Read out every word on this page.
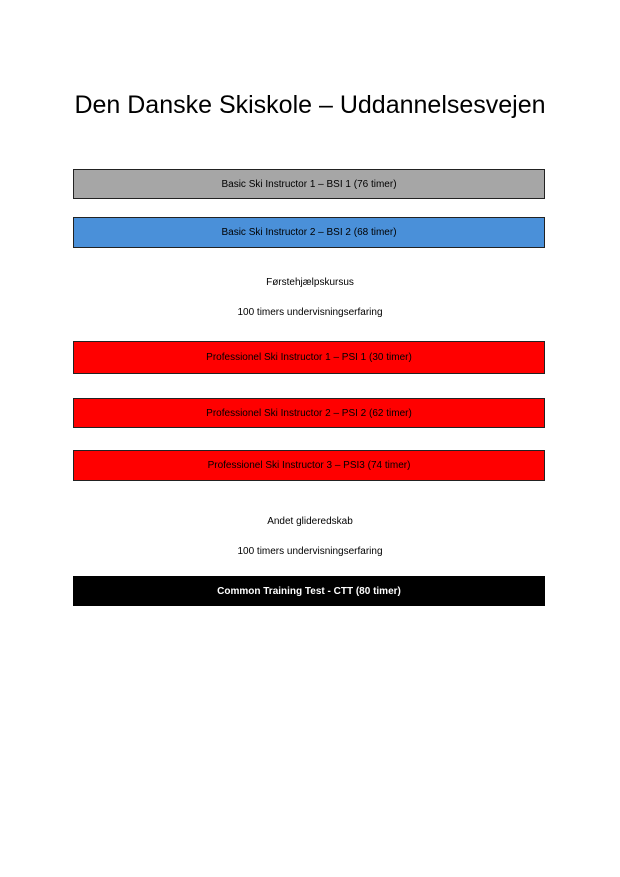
Den Danske Skiskole – Uddannelsesvejen
Basic Ski Instructor 1 – BSI 1 (76 timer)
Basic Ski Instructor 2 – BSI 2 (68 timer)
Førstehjælpskursus
100 timers undervisningserfaring
Professionel Ski Instructor 1 – PSI 1 (30 timer)
Professionel Ski Instructor 2 – PSI 2 (62 timer)
Professionel Ski Instructor 3 – PSI3 (74 timer)
Andet glideredskab
100 timers undervisningserfaring
Common Training Test - CTT (80 timer)
